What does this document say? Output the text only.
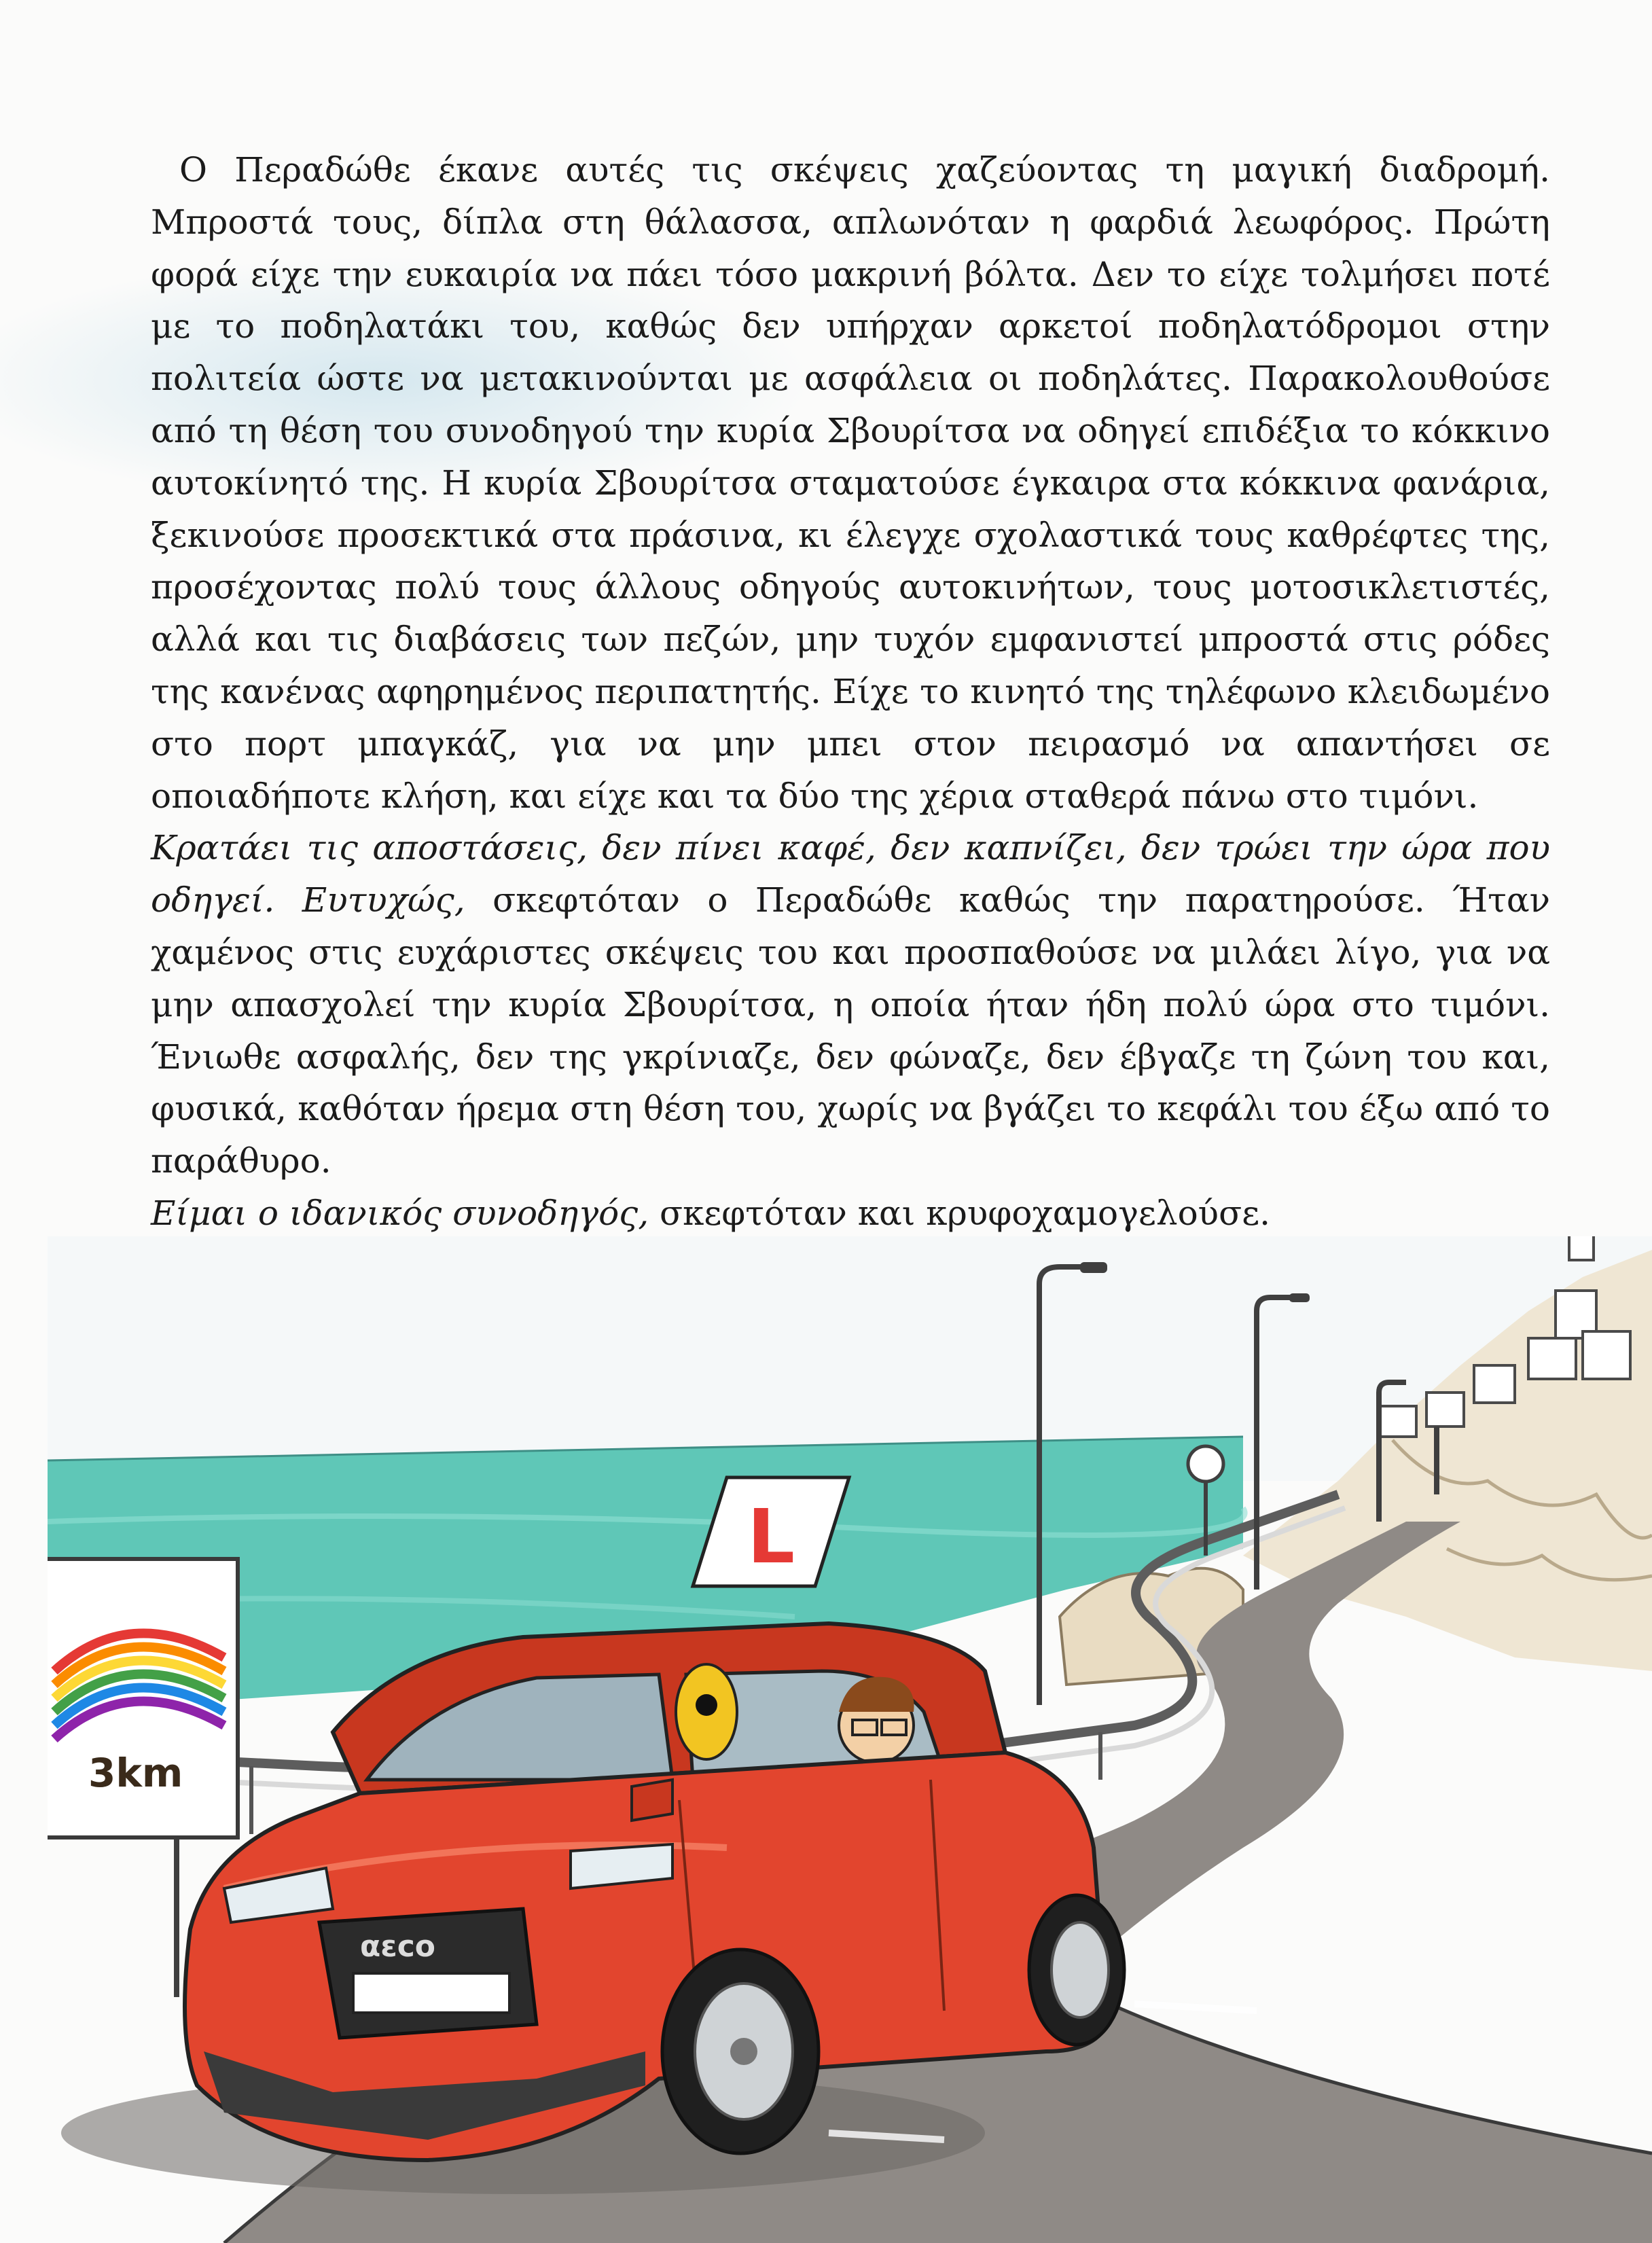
Ο Περαδώθε έκανε αυτές τις σκέψεις χαζεύοντας τη μαγική διαδρομή. Μπροστά τους, δίπλα στη θάλασσα, απλωνόταν η φαρδιά λεωφόρος. Πρώτη φορά είχε την ευκαιρία να πάει τόσο μακρινή βόλτα. Δεν το είχε τολμήσει ποτέ με το ποδηλατάκι του, καθώς δεν υπήρχαν αρκετοί ποδηλατόδρομοι στην πολιτεία ώστε να μετακινούνται με ασφάλεια οι ποδηλάτες. Παρακολουθούσε από τη θέση του συνοδηγού την κυρία Σβουρίτσα να οδηγεί επιδέξια το κόκκινο αυτοκίνητό της. Η κυρία Σβουρίτσα σταματούσε έγκαιρα στα κόκκινα φανάρια, ξεκινούσε προσεκτικά στα πράσινα, κι έλεγχε σχολαστικά τους καθρέφτες της, προσέχοντας πολύ τους άλλους οδηγούς αυτοκινήτων, τους μοτοσικλετιστές, αλλά και τις διαβάσεις των πεζών, μην τυχόν εμφανιστεί μπροστά στις ρόδες της κανένας αφηρημένος περιπατητής. Είχε το κινητό της τηλέφωνο κλειδωμένο στο πορτ μπαγκάζ, για να μην μπει στον πειρασμό να απαντήσει σε οποιαδήποτε κλήση, και είχε και τα δύο της χέρια σταθερά πάνω στο τιμόνι.

Κρατάει τις αποστάσεις, δεν πίνει καφέ, δεν καπνίζει, δεν τρώει την ώρα που οδηγεί. Ευτυχώς, σκεφτόταν ο Περαδώθε καθώς την παρατηρούσε. Ήταν χαμένος στις ευχάριστες σκέψεις του και προσπαθούσε να μιλάει λίγο, για να μην απασχολεί την κυρία Σβουρίτσα, η οποία ήταν ήδη πολύ ώρα στο τιμόνι. Ένιωθε ασφαλής, δεν της γκρίνιαζε, δεν φώναζε, δεν έβγαζε τη ζώνη του και, φυσικά, καθόταν ήρεμα στη θέση του, χωρίς να βγάζει το κεφάλι του έξω από το παράθυρο.

Είμαι ο ιδανικός συνοδηγός, σκεφτόταν και κρυφοχαμογελούσε.
3km
L
αεcο
